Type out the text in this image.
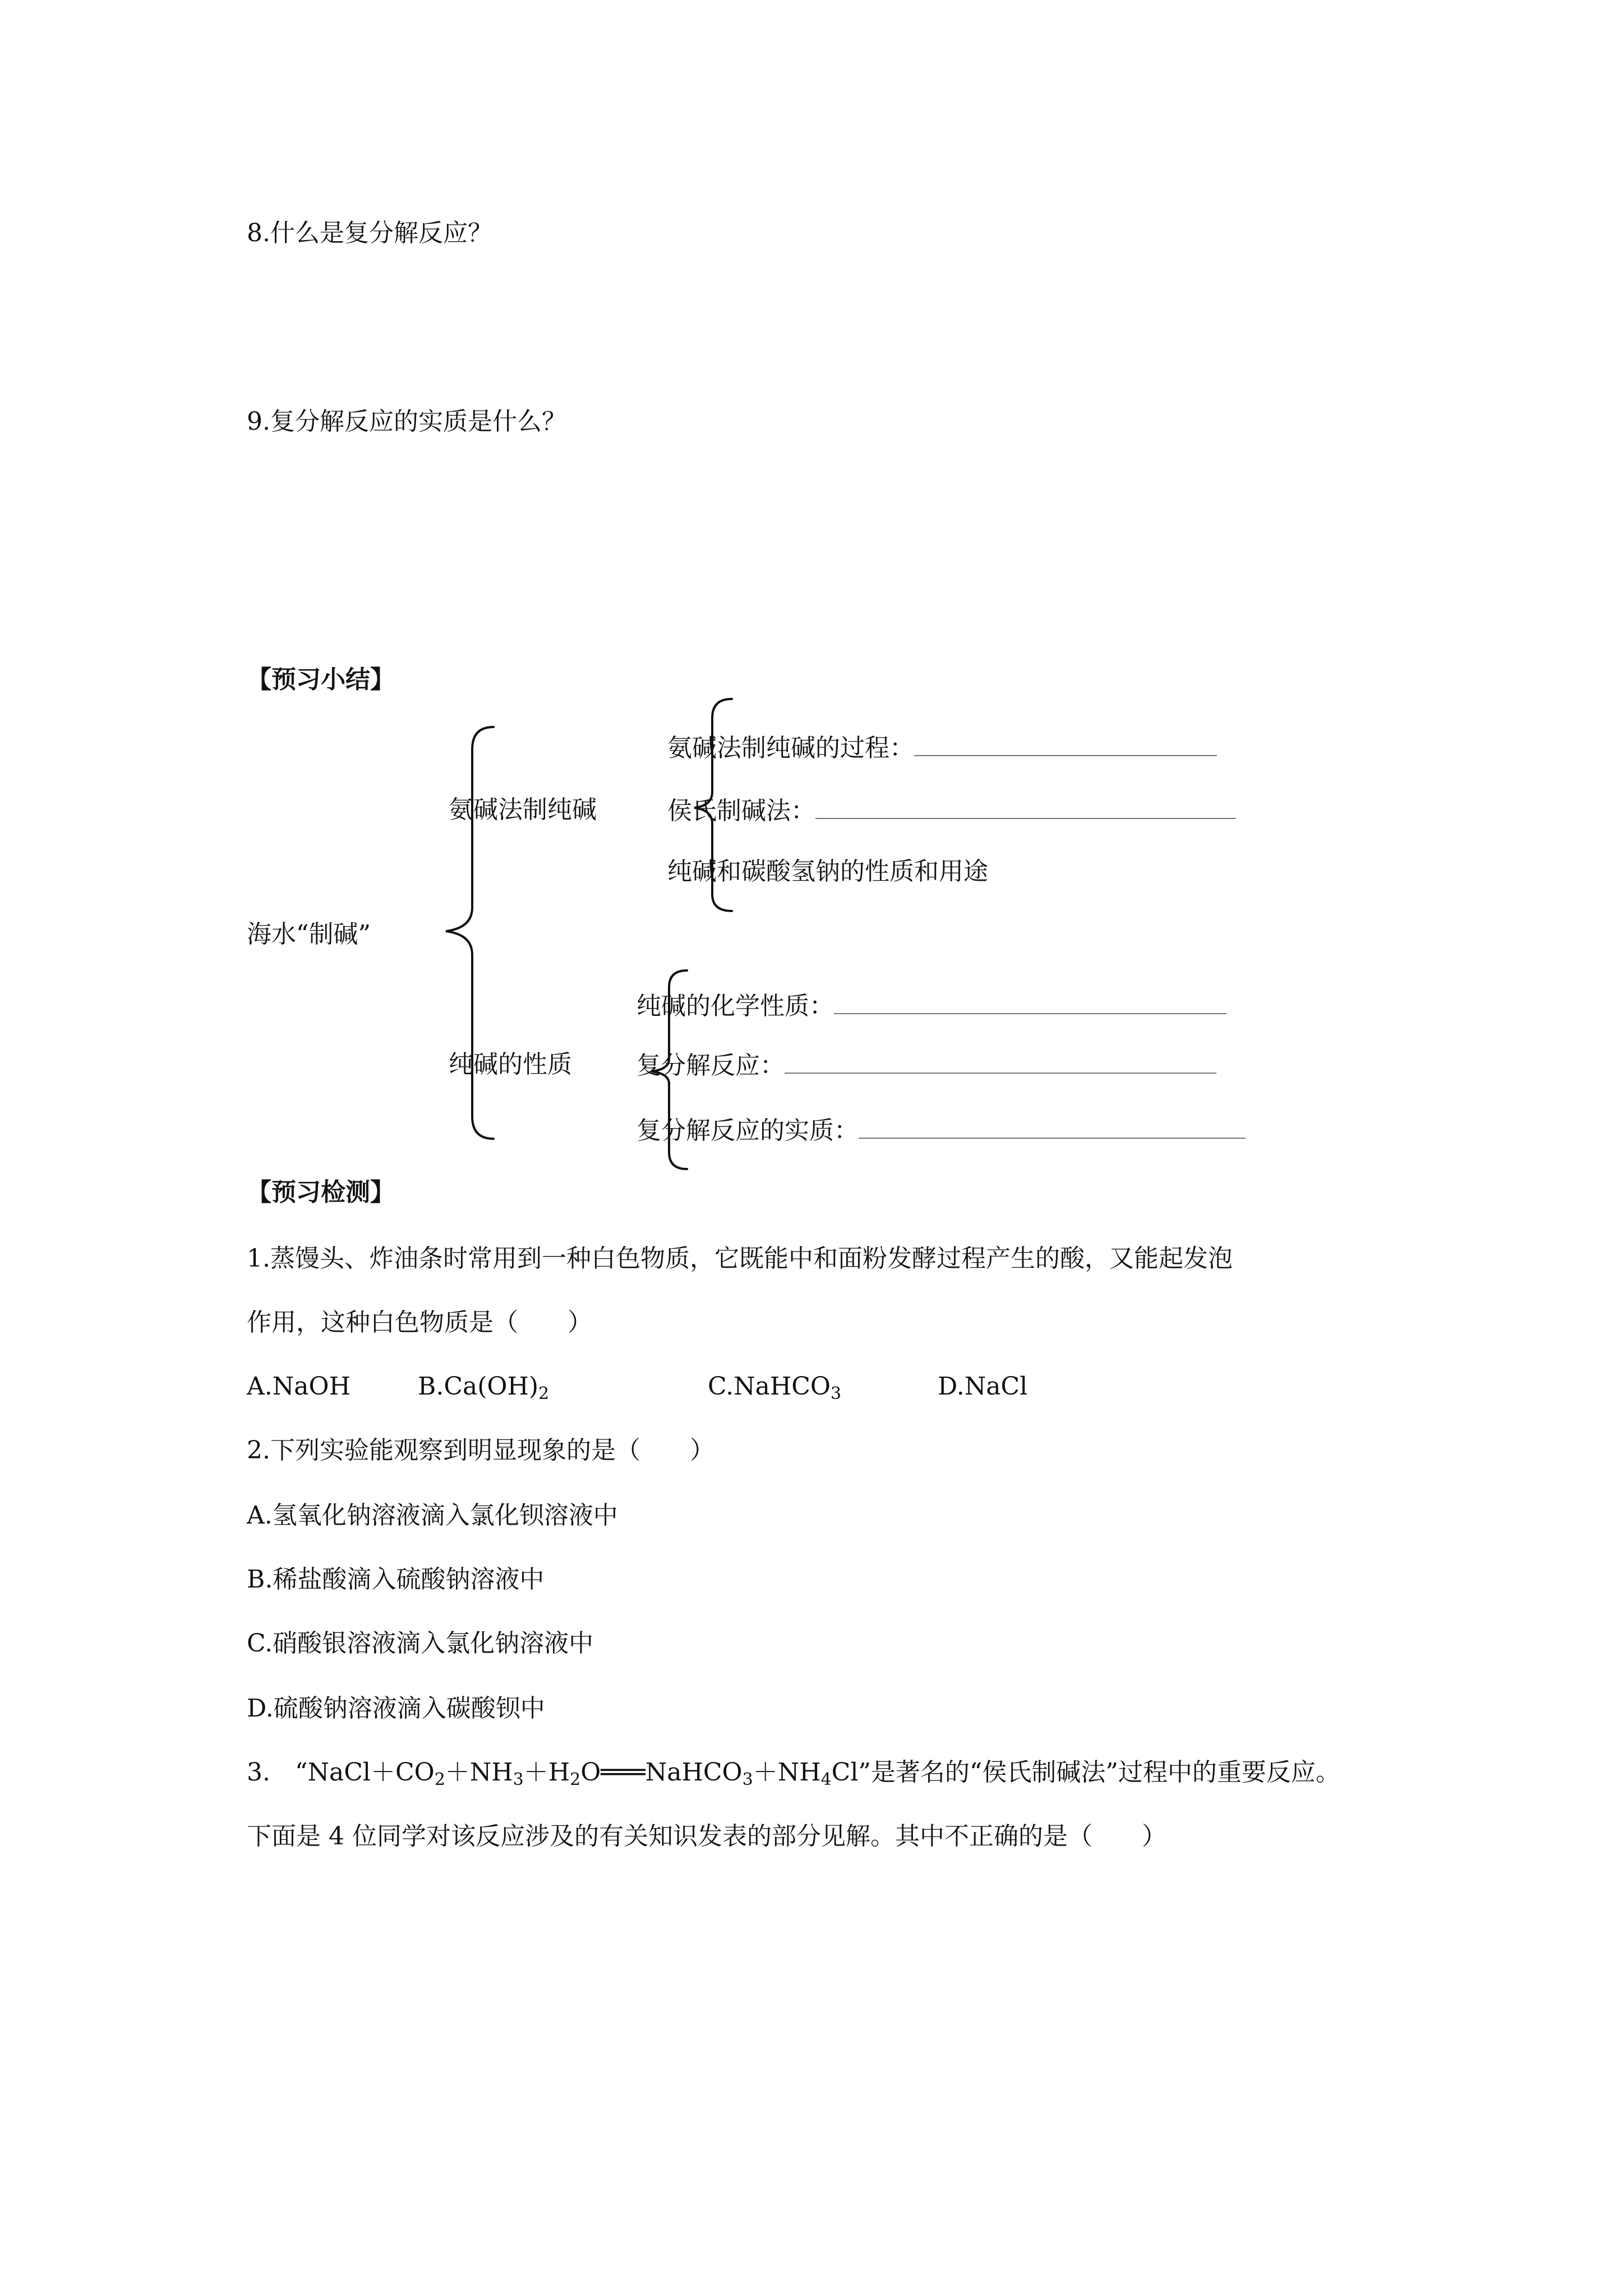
8.什么是复分解反应？
9.复分解反应的实质是什么？
【预习小结】
海水“制碱”
氨碱法制纯碱
氨碱法制纯碱的过程：
侯氏制碱法：
纯碱和碳酸氢钠的性质和用途
纯碱的性质
纯碱的化学性质：
复分解反应：
复分解反应的实质：
【预习检测】
1.蒸馒头、炸油条时常用到一种白色物质，它既能中和面粉发酵过程产生的酸，又能起发泡
作用，这种白色物质是（　　）
A.NaOH	$B.Ca(OH)_2$	C.NaHCO$_3$	D.NaCl
2.下列实验能观察到明显现象的是（　　）
A.氢氧化钠溶液滴入氯化钡溶液中
B.稀盐酸滴入硫酸钠溶液中
C.硝酸银溶液滴入氯化钠溶液中
D.硫酸钠溶液滴入碳酸钡中
3.　“$NaCl+CO_2+NH_3+H_2O═══NaHCO_3+NH_4Cl$”是著名的“侯氏制碱法”过程中的重要反应。
下面是 4 位同学对该反应涉及的有关知识发表的部分见解。其中不正确的是（　　）
